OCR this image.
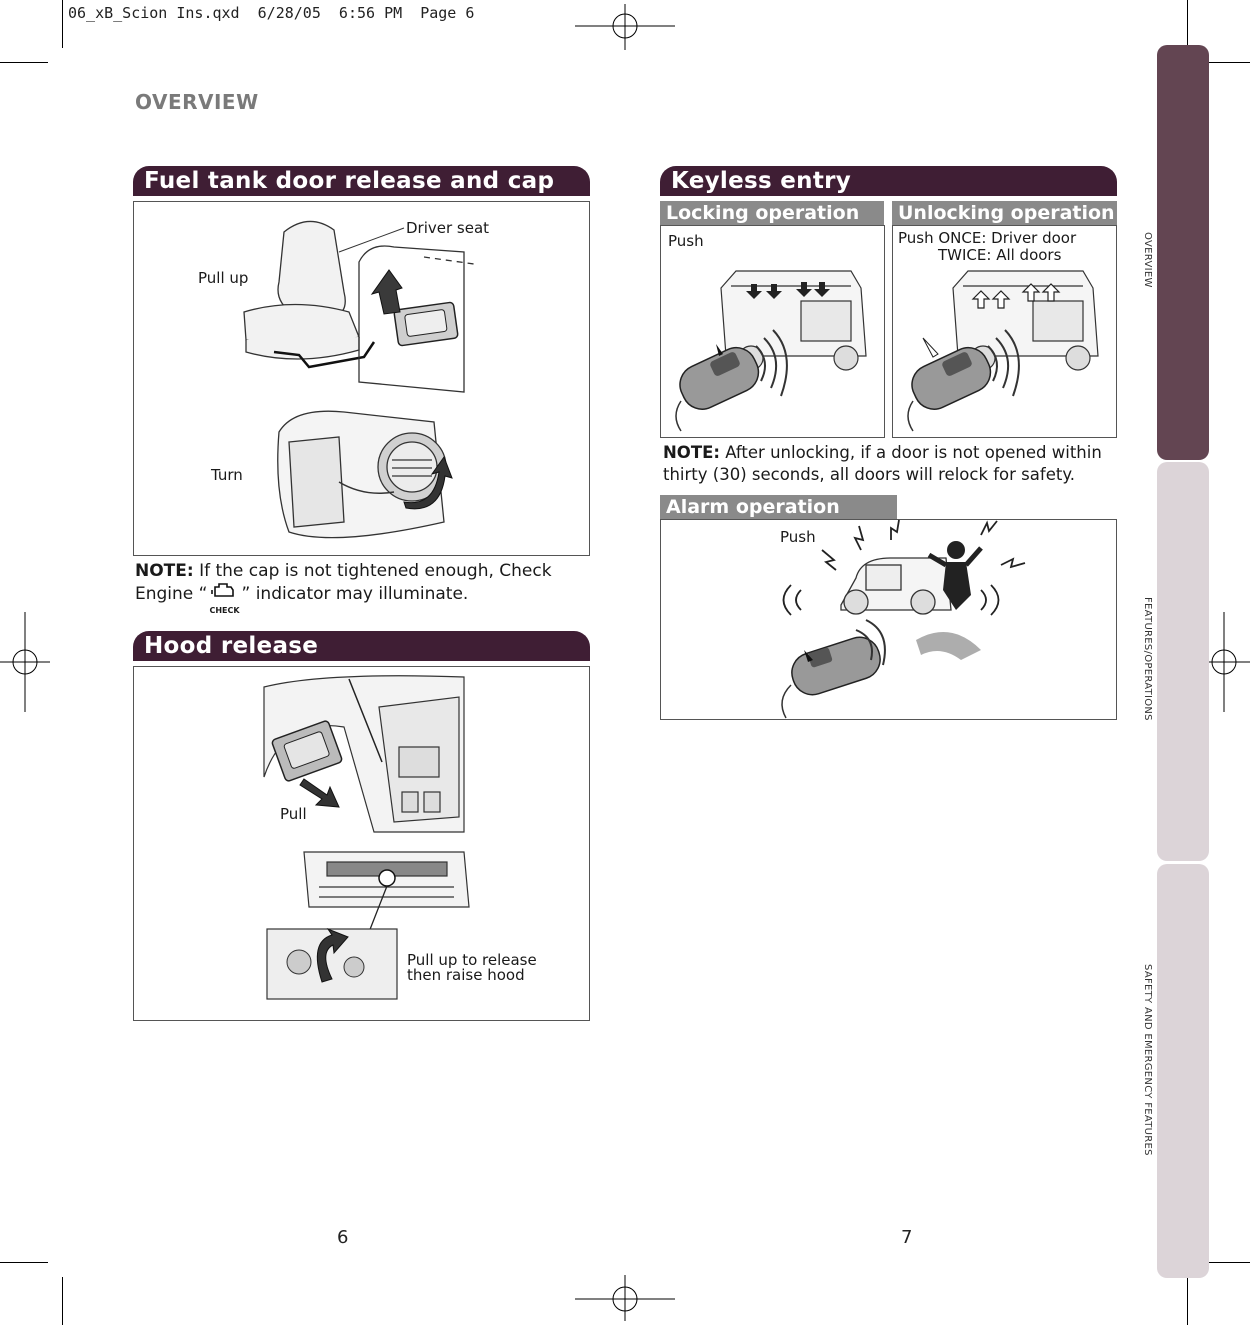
06_xB_Scion Ins.qxd  6/28/05  6:56 PM  Page 6
OVERVIEW
Fuel tank door release and cap
Driver seat
Pull up
Turn
NOTE: If the cap is not tightened enough, Check
Engine “
CHECK
” indicator may illuminate.
Hood release
Pull
Pull up to release
then raise hood
Keyless entry
Locking operation	Unlocking operation
Push	Push ONCE: Driver door
TWICE: All doors
NOTE: After unlocking, if a door is not opened within
thirty (30) seconds, all doors will relock for safety.
Alarm operation
Push
OVERVIEW
FEATURES/OPERATIONS
SAFETY AND EMERGENCY FEATURES
6	7
